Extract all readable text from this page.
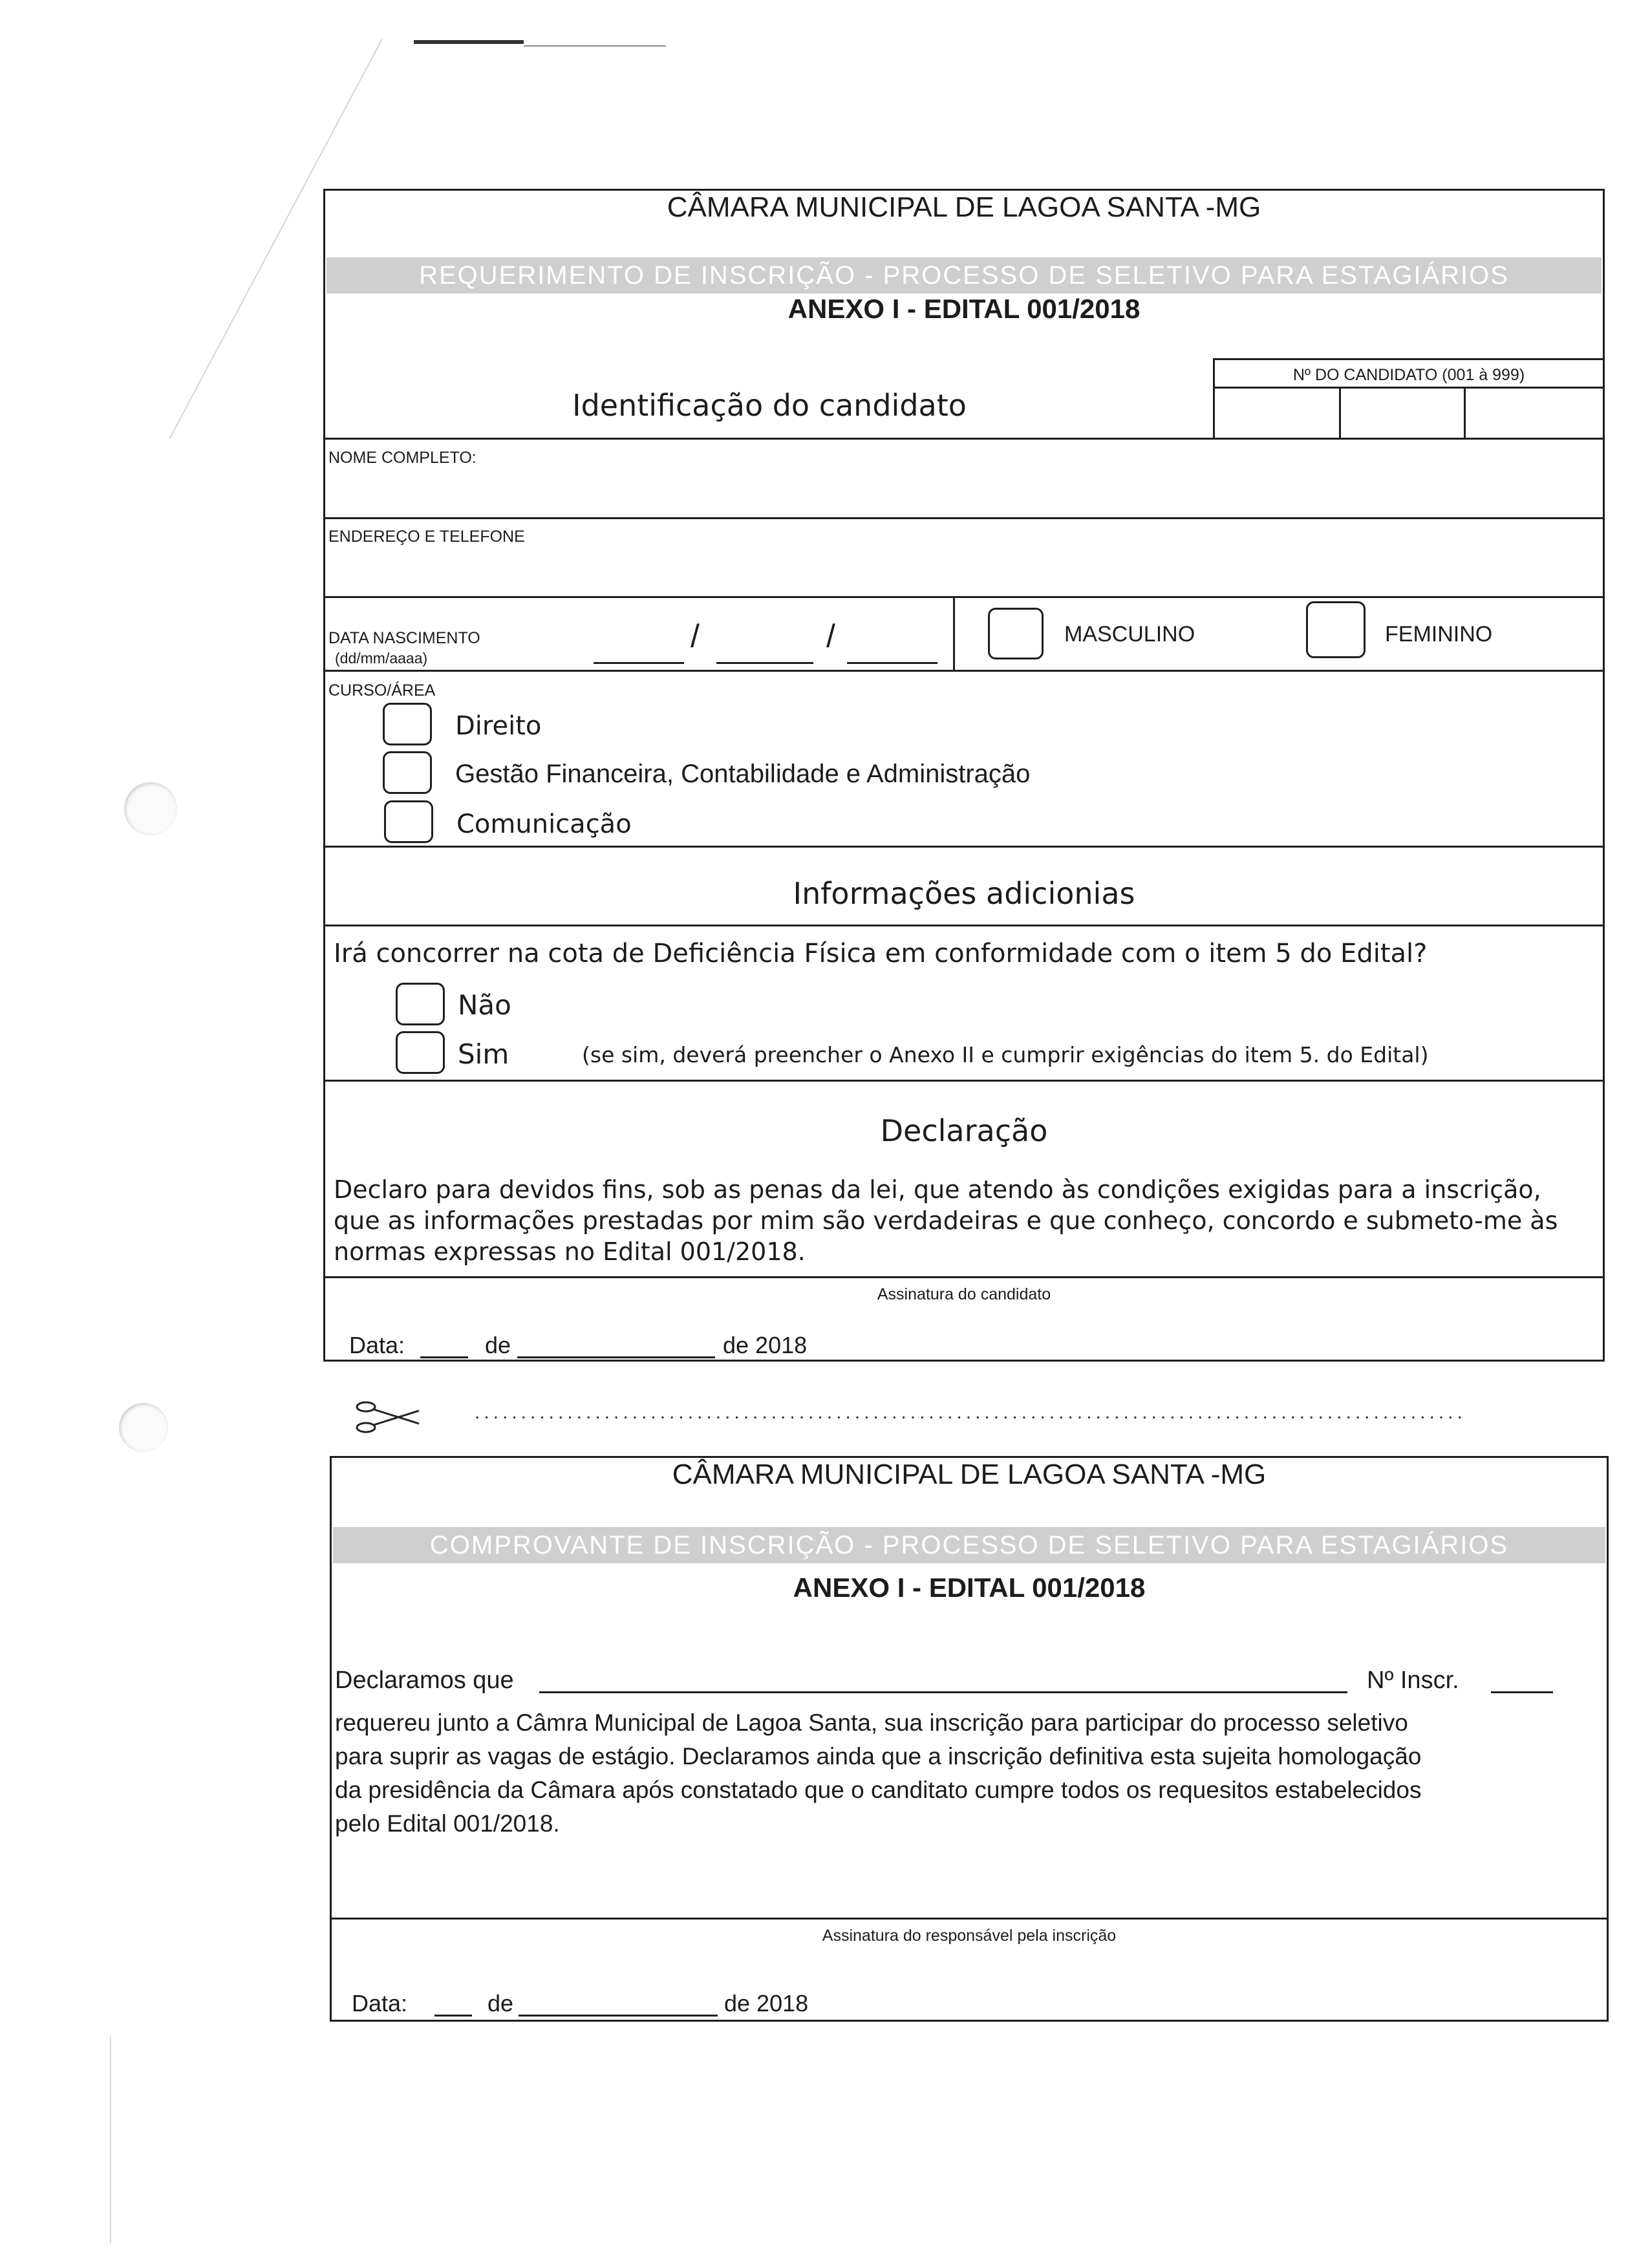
CÂMARA MUNICIPAL DE LAGOA SANTA -MG
REQUERIMENTO DE INSCRIÇÃO - PROCESSO DE SELETIVO PARA ESTAGIÁRIOS
ANEXO I - EDITAL 001/2018
Identificação do candidato
Nº DO CANDIDATO (001 à 999)
NOME COMPLETO:
ENDEREÇO E TELEFONE
DATA NASCIMENTO
(dd/mm/aaaa)
/	/	MASCULINO	FEMININO
CURSO/ÁREA
Direito
Gestão Financeira, Contabilidade e Administração
Comunicação
Informações adicionias
Irá concorrer na cota de Deficiência Física em conformidade com o item 5 do Edital?
Não
Sim	(se sim, deverá preencher o Anexo II e cumprir exigências do item 5. do Edital)
Declaração
Declaro para devidos fins, sob as penas da lei, que atendo às condições exigidas para a inscrição,
que as informações prestadas por mim são verdadeiras e que conheço, concordo e submeto-me às
normas expressas no Edital 001/2018.
Assinatura do candidato
Data:	de	de 2018
...........................................................................................................
CÂMARA MUNICIPAL DE LAGOA SANTA -MG
COMPROVANTE DE INSCRIÇÃO - PROCESSO DE SELETIVO PARA ESTAGIÁRIOS
ANEXO I - EDITAL 001/2018
Declaramos que	Nº Inscr.
requereu junto a Câmra Municipal de Lagoa Santa, sua inscrição para participar do processo seletivo
para suprir as vagas de estágio. Declaramos ainda que a inscrição definitiva esta sujeita homologação
da presidência da Câmara após constatado que o canditato cumpre todos os requesitos estabelecidos
pelo Edital 001/2018.
Assinatura do responsável pela inscrição
Data:	de	de 2018
